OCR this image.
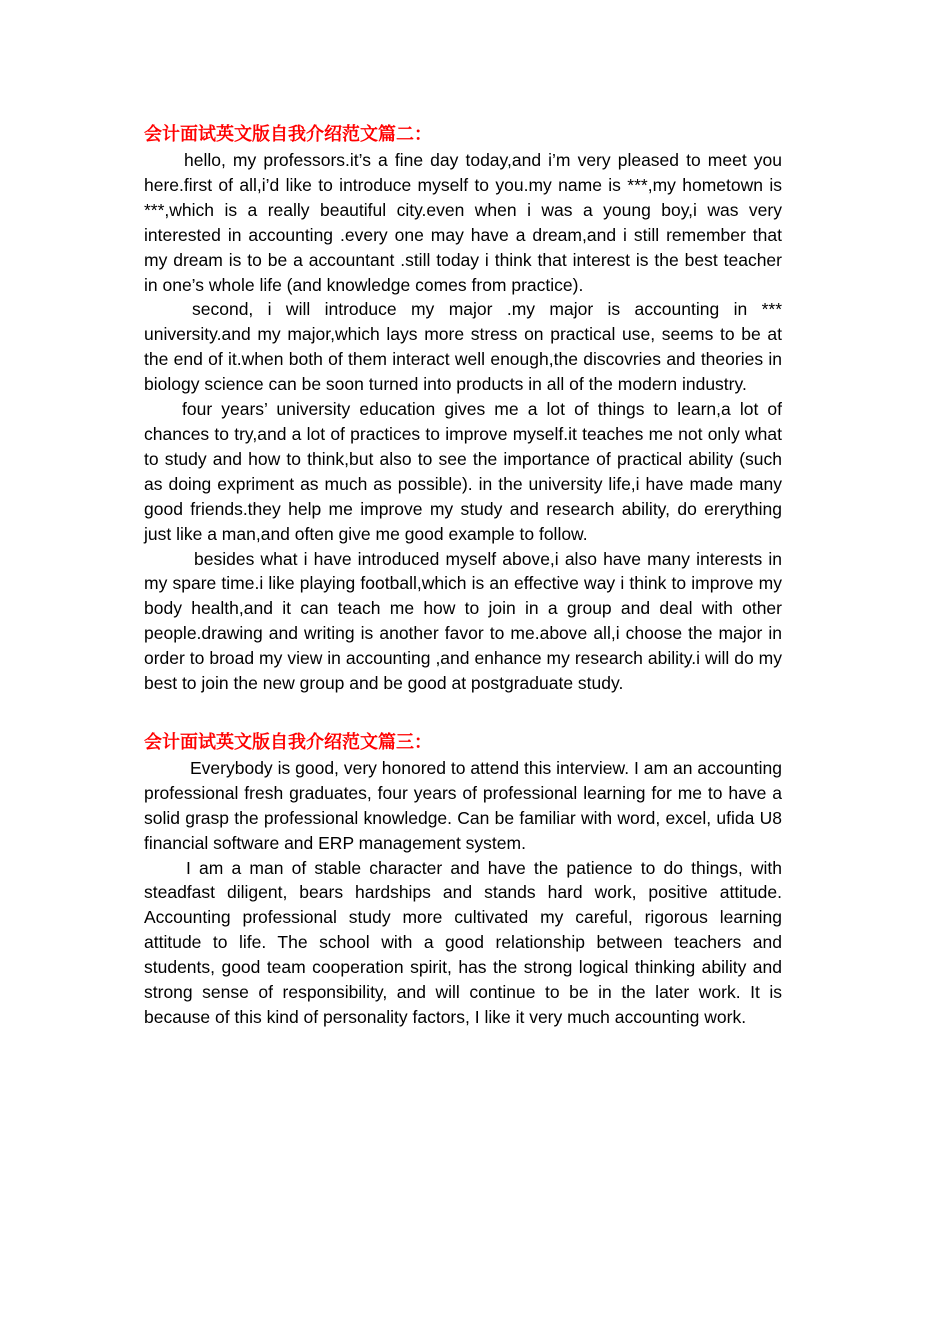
会计面试英文版自我介绍范文篇二：

hello, my professors.it’s a fine day today,and i’m very pleased to meet you here.first of all,i’d like to introduce myself to you.my name is ***,my hometown is ***,which is a really beautiful city.even when i was a young boy,i was very interested in accounting .every one may have a dream,and i still remember that my dream is to be a accountant .still today i think that interest is the best teacher in one’s whole life (and knowledge comes from practice).

second, i will introduce my major .my major is accounting in *** university.and my major,which lays more stress on practical use, seems to be at the end of it.when both of them interact well enough,the discovries and theories in biology science can be soon turned into products in all of the modern industry.

four years’ university education gives me a lot of things to learn,a lot of chances to try,and a lot of practices to improve myself.it teaches me not only what to study and how to think,but also to see the importance of practical ability (such as doing expriment as much as possible). in the university life,i have made many good friends.they help me improve my study and research ability, do ererything just like a man,and often give me good example to follow.

besides what i have introduced myself above,i also have many interests in my spare time.i like playing football,which is an effective way i think to improve my body health,and it can teach me how to join in a group and deal with other people.drawing and writing is another favor to me.above all,i choose the major in order to broad my view in accounting ,and enhance my research ability.i will do my best to join the new group and be good at postgraduate study.

会计面试英文版自我介绍范文篇三：

Everybody is good, very honored to attend this interview. I am an accounting professional fresh graduates, four years of professional learning for me to have a solid grasp the professional knowledge. Can be familiar with word, excel, ufida U8 financial software and ERP management system.

I am a man of stable character and have the patience to do things, with steadfast diligent, bears hardships and stands hard work, positive attitude. Accounting professional study more cultivated my careful, rigorous learning attitude to life. The school with a good relationship between teachers and students, good team cooperation spirit, has the strong logical thinking ability and strong sense of responsibility, and will continue to be in the later work. It is because of this kind of personality factors, I like it very much accounting work.
